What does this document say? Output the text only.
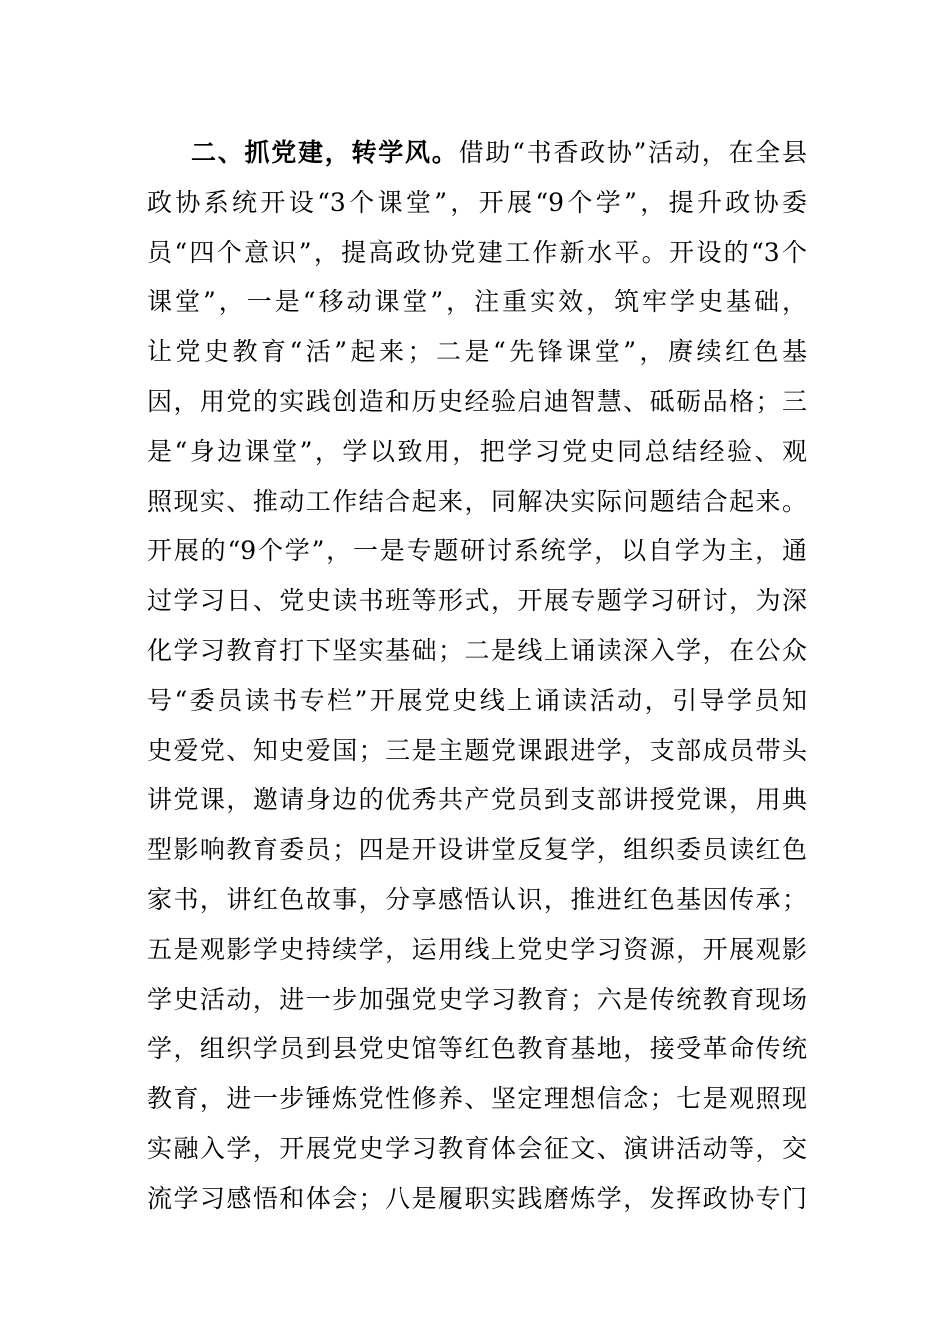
二、抓党建，转学风。借助“书香政协”活动，在全县
政协系统开设“3个课堂”，开展“9个学”，提升政协委
员“四个意识”，提高政协党建工作新水平。开设的“3个
课堂”，一是“移动课堂”，注重实效，筑牢学史基础，
让党史教育“活”起来；二是“先锋课堂”，赓续红色基
因，用党的实践创造和历史经验启迪智慧、砥砺品格；三
是“身边课堂”，学以致用，把学习党史同总结经验、观
照现实、推动工作结合起来，同解决实际问题结合起来。
开展的“9个学”，一是专题研讨系统学，以自学为主，通
过学习日、党史读书班等形式，开展专题学习研讨，为深
化学习教育打下坚实基础；二是线上诵读深入学，在公众
号“委员读书专栏”开展党史线上诵读活动，引导学员知
史爱党、知史爱国；三是主题党课跟进学，支部成员带头
讲党课，邀请身边的优秀共产党员到支部讲授党课，用典
型影响教育委员；四是开设讲堂反复学，组织委员读红色
家书，讲红色故事，分享感悟认识，推进红色基因传承；
五是观影学史持续学，运用线上党史学习资源，开展观影
学史活动，进一步加强党史学习教育；六是传统教育现场
学，组织学员到县党史馆等红色教育基地，接受革命传统
教育，进一步锤炼党性修养、坚定理想信念；七是观照现
实融入学，开展党史学习教育体会征文、演讲活动等，交
流学习感悟和体会；八是履职实践磨炼学，发挥政协专门
